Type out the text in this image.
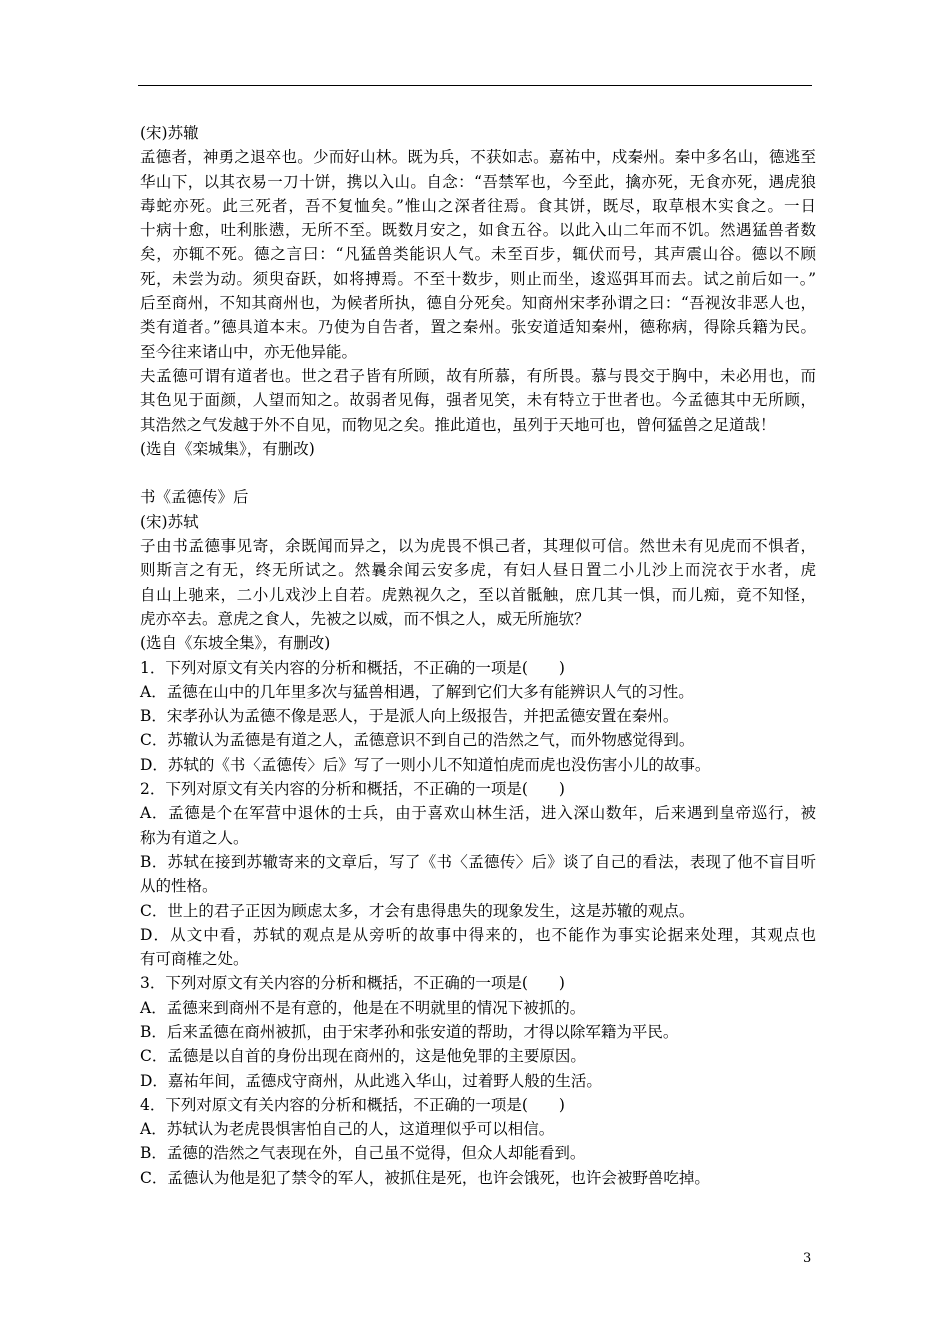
(宋)苏辙
孟德者，神勇之退卒也。少而好山林。既为兵，不获如志。嘉祐中，戍秦州。秦中多名山，德逃至
华山下，以其衣易一刀十饼，携以入山。自念：“吾禁军也，今至此，擒亦死，无食亦死，遇虎狼
毒蛇亦死。此三死者，吾不复恤矣。”惟山之深者往焉。食其饼，既尽，取草根木实食之。一日
十病十愈，吐利胀懑，无所不至。既数月安之，如食五谷。以此入山二年而不饥。然遇猛兽者数
矣，亦辄不死。德之言曰：“凡猛兽类能识人气。未至百步，辄伏而号，其声震山谷。德以不顾
死，未尝为动。须臾奋跃，如将搏焉。不至十数步，则止而坐，逡巡弭耳而去。试之前后如一。”
后至商州，不知其商州也，为候者所执，德自分死矣。知商州宋孝孙谓之曰：“吾视汝非恶人也，
类有道者。”德具道本末。乃使为自告者，置之秦州。张安道适知秦州，德称病，得除兵籍为民。
至今往来诸山中，亦无他异能。
夫孟德可谓有道者也。世之君子皆有所顾，故有所慕，有所畏。慕与畏交于胸中，未必用也，而
其色见于面颜，人望而知之。故弱者见侮，强者见笑，未有特立于世者也。今孟德其中无所顾，
其浩然之气发越于外不自见，而物见之矣。推此道也，虽列于天地可也，曾何猛兽之足道哉！
(选自《栾城集》，有删改)
书《孟德传》后
(宋)苏轼
子由书孟德事见寄，余既闻而异之，以为虎畏不惧己者，其理似可信。然世未有见虎而不惧者，
则斯言之有无，终无所试之。然曩余闻云安多虎，有妇人昼日置二小儿沙上而浣衣于水者，虎
自山上驰来，二小儿戏沙上自若。虎熟视久之，至以首骶触，庶几其一惧，而儿痴，竟不知怪，
虎亦卒去。意虎之食人，先被之以威，而不惧之人，威无所施欤？
(选自《东坡全集》，有删改)
1．下列对原文有关内容的分析和概括，不正确的一项是(　　)
A．孟德在山中的几年里多次与猛兽相遇，了解到它们大多有能辨识人气的习性。
B．宋孝孙认为孟德不像是恶人，于是派人向上级报告，并把孟德安置在秦州。
C．苏辙认为孟德是有道之人，孟德意识不到自己的浩然之气，而外物感觉得到。
D．苏轼的《书〈孟德传〉后》写了一则小儿不知道怕虎而虎也没伤害小儿的故事。
2．下列对原文有关内容的分析和概括，不正确的一项是(　　)
A．孟德是个在军营中退休的士兵，由于喜欢山林生活，进入深山数年，后来遇到皇帝巡行，被
称为有道之人。
B．苏轼在接到苏辙寄来的文章后，写了《书〈孟德传〉后》谈了自己的看法，表现了他不盲目听
从的性格。
C．世上的君子正因为顾虑太多，才会有患得患失的现象发生，这是苏辙的观点。
D．从文中看，苏轼的观点是从旁听的故事中得来的，也不能作为事实论据来处理，其观点也
有可商榷之处。
3．下列对原文有关内容的分析和概括，不正确的一项是(　　)
A．孟德来到商州不是有意的，他是在不明就里的情况下被抓的。
B．后来孟德在商州被抓，由于宋孝孙和张安道的帮助，才得以除军籍为平民。
C．孟德是以自首的身份出现在商州的，这是他免罪的主要原因。
D．嘉祐年间，孟德戍守商州，从此逃入华山，过着野人般的生活。
4．下列对原文有关内容的分析和概括，不正确的一项是(　　)
A．苏轼认为老虎畏惧害怕自己的人，这道理似乎可以相信。
B．孟德的浩然之气表现在外，自己虽不觉得，但众人却能看到。
C．孟德认为他是犯了禁令的军人，被抓住是死，也许会饿死，也许会被野兽吃掉。
3
